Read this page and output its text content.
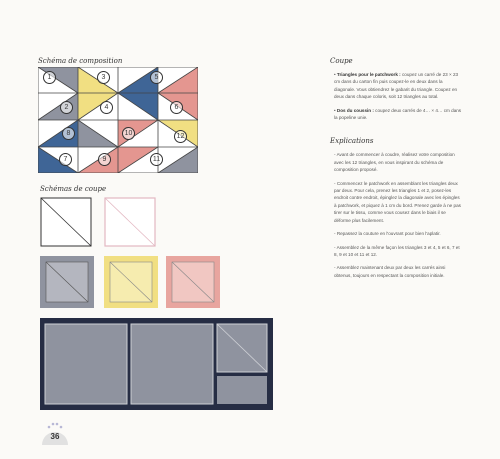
Schéma de composition
1
2
3
4
5
6
7
8
9
10
11
12
Schémas de coupe
36
Coupe
• Triangles pour le patchwork : coupez un carré de 23 × 23 cm dans du carton fin puis coupez-le en deux dans la diagonale. Vous obtiendrez le gabarit du triangle. Coupez en deux dans chaque coloris, soit 12 triangles au total.
• Dos du coussin : coupez deux carrés de 4… × 4… cm dans la popeline unie.
Explications
- Avant de commencer à coudre, réalisez votre composition avec les 12 triangles, en vous inspirant du schéma de composition proposé.
- Commencez le patchwork en assemblant les triangles deux par deux. Pour cela, prenez les triangles 1 et 2, posez-les endroit contre endroit, épinglez la diagonale avec les épingles à patchwork, et piquez à 1 cm du bord. Prenez garde à ne pas tirer sur le tissu, comme vous cousez dans le biais il se déforme plus facilement.
- Repassez la couture en l'ouvrant pour bien l'aplatir.
- Assemblez de la même façon les triangles 3 et 4, 5 et 6, 7 et 8, 9 et 10 et 11 et 12.
- Assemblez maintenant deux par deux les carrés ainsi obtenus, toujours en respectant la composition initiale.
